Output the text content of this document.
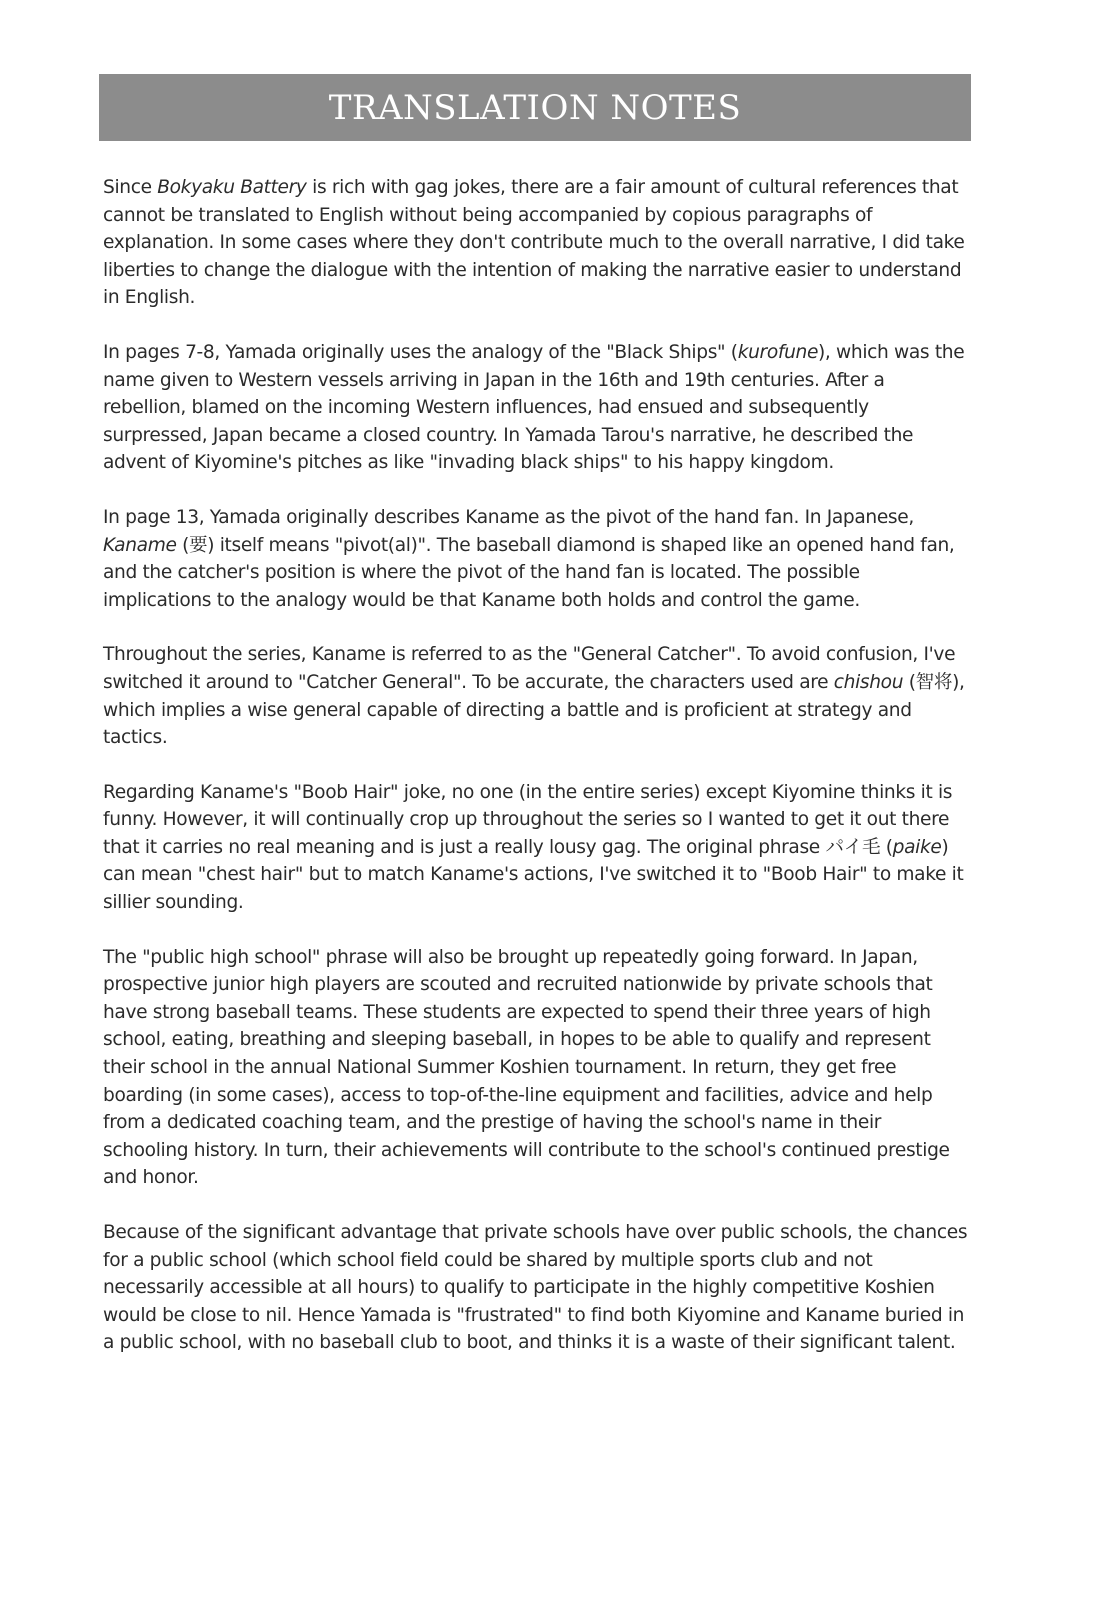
TRANSLATION NOTES

Since Bokyaku Battery is rich with gag jokes, there are a fair amount of cultural references that cannot be translated to English without being accompanied by copious paragraphs of explanation. In some cases where they don't contribute much to the overall narrative, I did take liberties to change the dialogue with the intention of making the narrative easier to understand in English.

In pages 7-8, Yamada originally uses the analogy of the "Black Ships" (kurofune), which was the name given to Western vessels arriving in Japan in the 16th and 19th centuries. After a rebellion, blamed on the incoming Western influences, had ensued and subsequently surpressed, Japan became a closed country. In Yamada Tarou's narrative, he described the advent of Kiyomine's pitches as like "invading black ships" to his happy kingdom.

In page 13, Yamada originally describes Kaname as the pivot of the hand fan. In Japanese, Kaname (要) itself means "pivot(al)". The baseball diamond is shaped like an opened hand fan, and the catcher's position is where the pivot of the hand fan is located. The possible implications to the analogy would be that Kaname both holds and control the game.

Throughout the series, Kaname is referred to as the "General Catcher". To avoid confusion, I've switched it around to "Catcher General". To be accurate, the characters used are chishou (智将), which implies a wise general capable of directing a battle and is proficient at strategy and tactics.

Regarding Kaname's "Boob Hair" joke, no one (in the entire series) except Kiyomine thinks it is funny. However, it will continually crop up throughout the series so I wanted to get it out there that it carries no real meaning and is just a really lousy gag. The original phrase パイ毛 (paike) can mean "chest hair" but to match Kaname's actions, I've switched it to "Boob Hair" to make it sillier sounding.

The "public high school" phrase will also be brought up repeatedly going forward. In Japan, prospective junior high players are scouted and recruited nationwide by private schools that have strong baseball teams. These students are expected to spend their three years of high school, eating, breathing and sleeping baseball, in hopes to be able to qualify and represent their school in the annual National Summer Koshien tournament. In return, they get free boarding (in some cases), access to top-of-the-line equipment and facilities, advice and help from a dedicated coaching team, and the prestige of having the school's name in their schooling history. In turn, their achievements will contribute to the school's continued prestige and honor.

Because of the significant advantage that private schools have over public schools, the chances for a public school (which school field could be shared by multiple sports club and not necessarily accessible at all hours) to qualify to participate in the highly competitive Koshien would be close to nil. Hence Yamada is "frustrated" to find both Kiyomine and Kaname buried in a public school, with no baseball club to boot, and thinks it is a waste of their significant talent.
